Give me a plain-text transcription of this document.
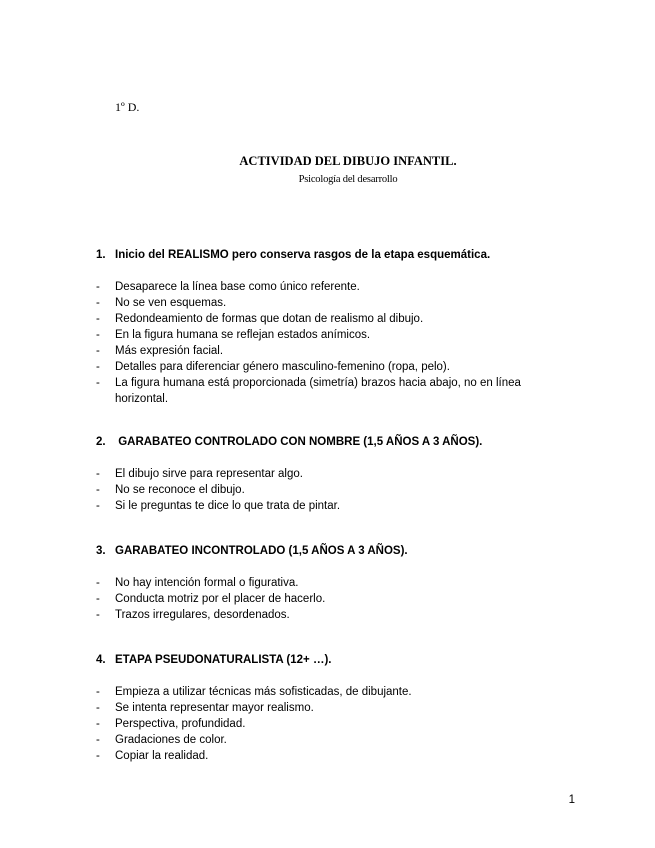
1º D.
ACTIVIDAD DEL DIBUJO INFANTIL.
Psicología del desarrollo
1. Inicio del REALISMO pero conserva rasgos de la etapa esquemática.
- Desaparece la línea base como único referente.
- No se ven esquemas.
- Redondeamiento de formas que dotan de realismo al dibujo.
- En la figura humana se reflejan estados anímicos.
- Más expresión facial.
- Detalles para diferenciar género masculino-femenino (ropa, pelo).
- La figura humana está proporcionada (simetría) brazos hacia abajo, no en línea horizontal.
2. GARABATEO CONTROLADO CON NOMBRE (1,5 AÑOS A 3 AÑOS).
- El dibujo sirve para representar algo.
- No se reconoce el dibujo.
- Si le preguntas te dice lo que trata de pintar.
3. GARABATEO INCONTROLADO (1,5 AÑOS A 3 AÑOS).
- No hay intención formal o figurativa.
- Conducta motriz por el placer de hacerlo.
- Trazos irregulares, desordenados.
4. ETAPA PSEUDONATURALISTA (12+ …).
- Empieza a utilizar técnicas más sofisticadas, de dibujante.
- Se intenta representar mayor realismo.
- Perspectiva, profundidad.
- Gradaciones de color.
- Copiar la realidad.
1
